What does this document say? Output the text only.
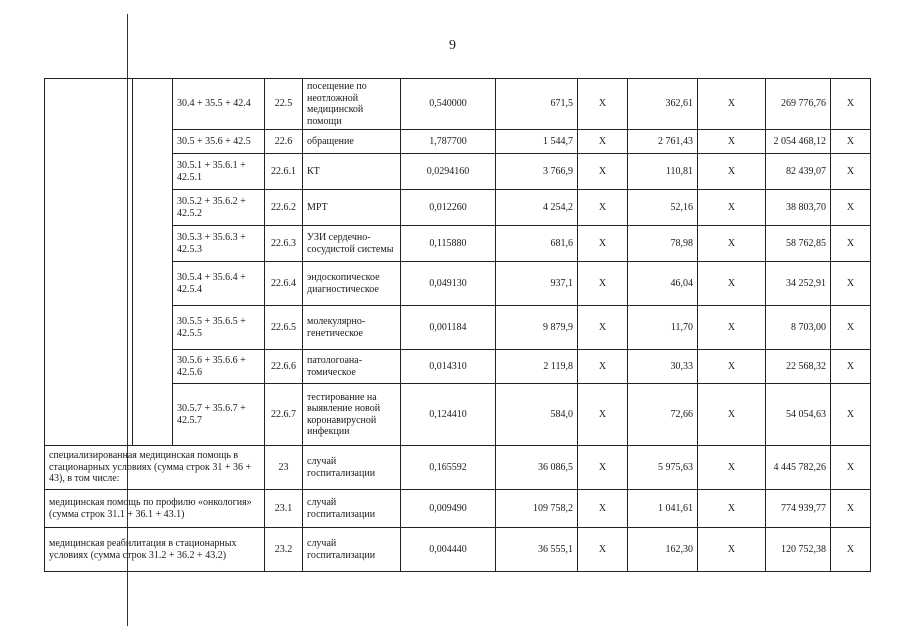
9
		30.4 + 35.5 + 42.4	22.5	посещение по неотложной медицинской помощи	0,540000	671,5	X	362,61	X	269 776,76	X
		30.5 + 35.6 + 42.5	22.6	обращение	1,787700	1 544,7	X	2 761,43	X	2 054 468,12	X
		30.5.1 + 35.6.1 + 42.5.1	22.6.1	КТ	0,0294160	3 766,9	X	110,81	X	82 439,07	X
		30.5.2 + 35.6.2 + 42.5.2	22.6.2	МРТ	0,012260	4 254,2	X	52,16	X	38 803,70	X
		30.5.3 + 35.6.3 + 42.5.3	22.6.3	УЗИ сердечно-сосудистой системы	0,115880	681,6	X	78,98	X	58 762,85	X
		30.5.4 + 35.6.4 + 42.5.4	22.6.4	эндоскопическое диагностическое	0,049130	937,1	X	46,04	X	34 252,91	X
		30.5.5 + 35.6.5 + 42.5.5	22.6.5	молекулярно-генетическое	0,001184	9 879,9	X	11,70	X	8 703,00	X
		30.5.6 + 35.6.6 + 42.5.6	22.6.6	патологоана-томическое	0,014310	2 119,8	X	30,33	X	22 568,32	X
		30.5.7 + 35.6.7 + 42.5.7	22.6.7	тестирование на выявление новой коронавирусной инфекции	0,124410	584,0	X	72,66	X	54 054,63	X
специализированная медицинская помощь в стационарных условиях (сумма строк 31 + 36 + 43), в том числе:			23	случай госпитализации	0,165592	36 086,5	X	5 975,63	X	4 445 782,26	X
медицинская помощь по профилю «онкология» (сумма строк 31.1 + 36.1 + 43.1)			23.1	случай госпитализации	0,009490	109 758,2	X	1 041,61	X	774 939,77	X
медицинская реабилитация в стационарных условиях (сумма строк 31.2 + 36.2 + 43.2)			23.2	случай госпитализации	0,004440	36 555,1	X	162,30	X	120 752,38	X
